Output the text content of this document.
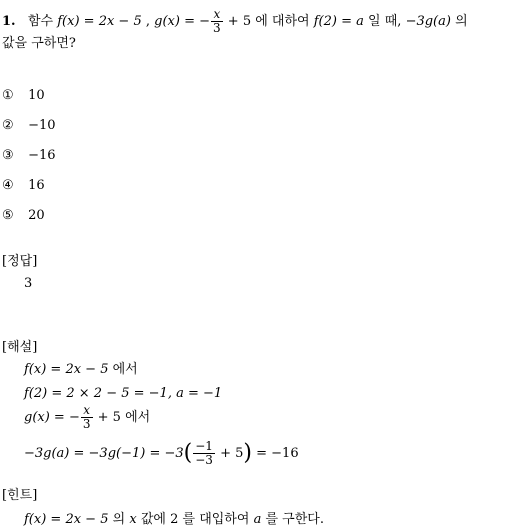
1. 함수 f(x) = 2x − 5 , g(x) = − $\frac{x}{3} + 5$ 에 대하여 f(2) = a 일 때, −3g(a) 의
값을 구하면?
① 10
② −10
③ −16
④ 16
⑤ 20
[정답]
3
[해설]
f(x) = 2x − 5 에서
f(2) = 2 × 2 − 5 = −1, a = −1
g(x) = − $\frac{x}{3} + 5$ 에서
$-3g(a) = -3g(-1) = -3( \frac{-1}{-3} + 5) = -16$
[힌트]
f(x) = 2x − 5 의 x 값에 2 를 대입하여 a 를 구한다.
